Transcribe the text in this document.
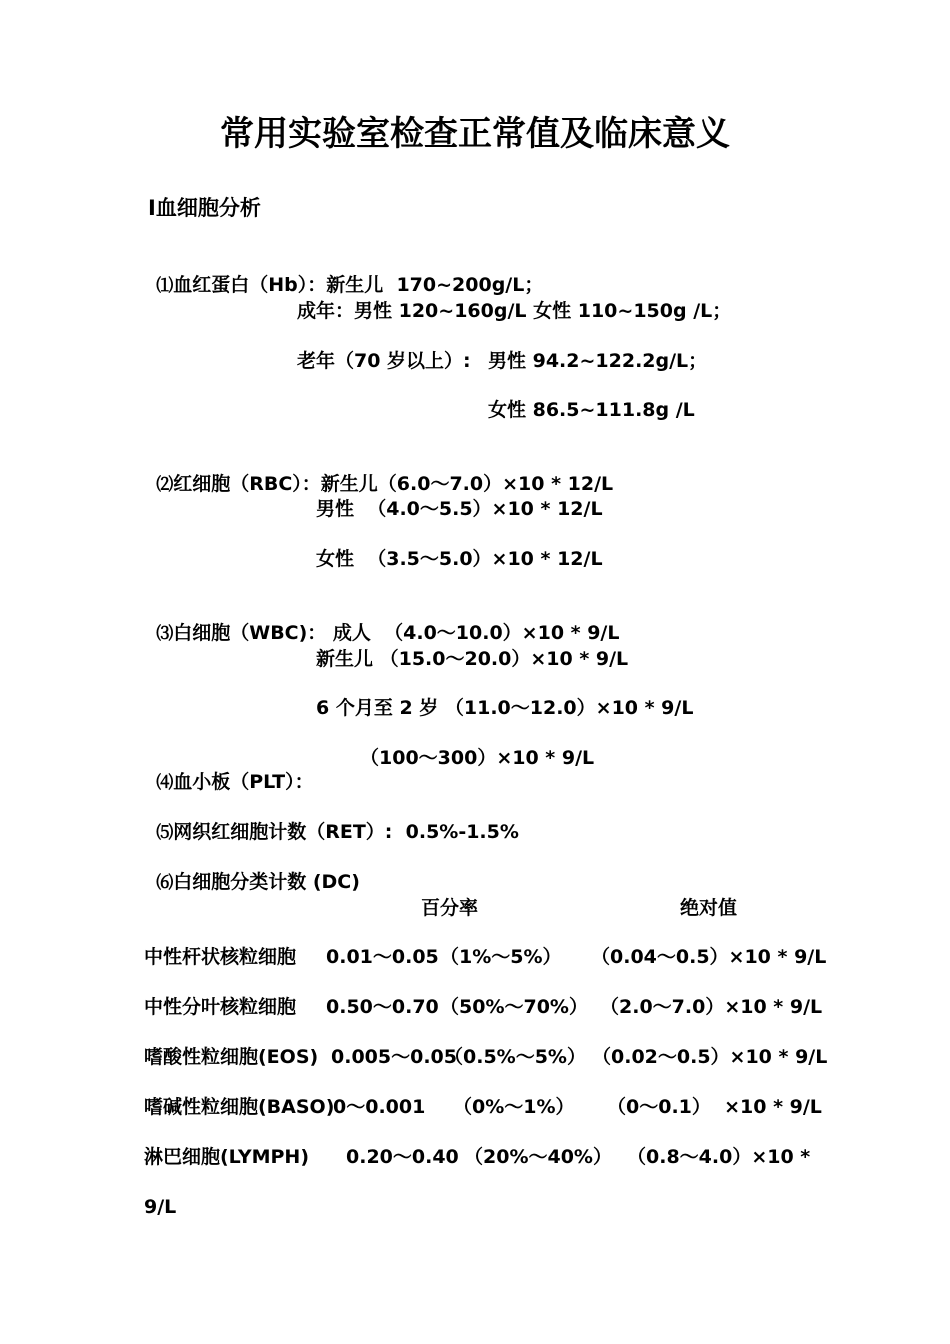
常用实验室检查正常值及临床意义
Ⅰ血细胞分析

⑴血红蛋白（Hb）：新生儿  170~200g/L；

成年：男性 120~160g/L 女性 110~150g /L；
老年（70 岁以上）: 男性 94.2~122.2g/L；
女性 86.5~111.8g /L

⑵红细胞（RBC）：新生儿（6.0～7.0）×10 * 12/L

男性  （4.0～5.5）×10 * 12/L
女性  （3.5～5.0）×10 * 12/L

⑶白细胞（WBC)： 成人  （4.0～10.0）×10 * 9/L

新生儿 （15.0～20.0）×10 * 9/L
6 个月至 2 岁 （11.0～12.0）×10 * 9/L

⑷血小板（PLT）：

（100～300）×10 * 9/L

⑸网织红细胞计数（RET）:  0.5%-1.5%

⑹白细胞分类计数 (DC)

百分率	绝对值
中性杆状核粒细胞 0.01～0.05 （1%～5%） （0.04～0.5）×10 * 9/L
中性分叶核粒细胞 0.50～0.70 （50%～70%） （2.0～7.0）×10 * 9/L
嗜酸性粒细胞(EOS) 0.005～0.05
（0.5%～5%） （0.02～0.5）×10 * 9/L
嗜碱性粒细胞(BASO)
0～0.001 （0%～1%） （0～0.1）  ×10 * 9/L
淋巴细胞(LYMPH) 0.20～0.40 （20%～40%） （0.8～4.0）×10 *
9/L
